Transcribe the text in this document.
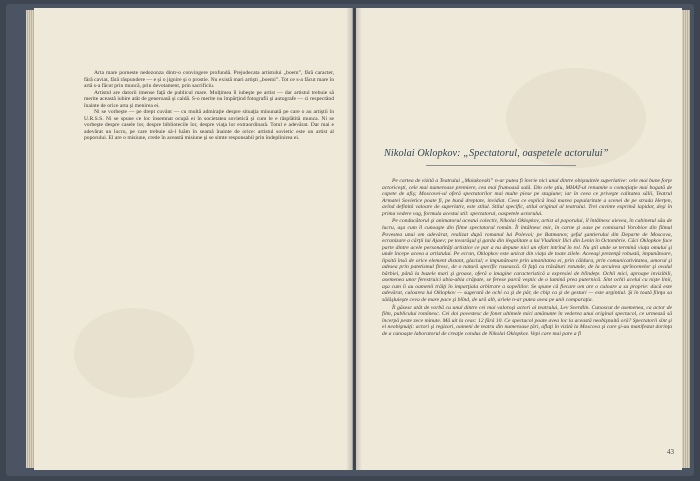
Arta mare porneste nedezonza dintr-o convingere profundă. Prejudecata artistului „boem”, fără caracter, fără caviat, fără răspundere — e şi o jignire şi o prostie. Nu există mari artişti „boemi”. Tot ce s-a făcut mare în artă s-a făcut prin muncă, prin devotament, prin sacrificiu.

Artistul are datorii imense faţă de publicul mare. Mulţimea îl iubeşte pe artist — dar artistul trebuie să merite această iubire atât de generoasă şi caldă. S-o merite nu împărţind fotografii şi autografe — ci respectând înainte de orice arta şi menirea ei.

Ni se vorbeşte — pe drept cuvânt — cu multă admiraţie despre situaţia minunată pe care o au artiştii în U.R.S.S. Ni se spune ce loc însemnat ocupă ei în societatea sovietică şi cum le e răsplătită munca. Ni se vorbeşte despre casele lor, despre bibliotecile lor, despre viaţa lor extraordinară. Totul e adevărat. Dar mai e adevărat un lucru, pe care trebuie să-l luăm în seamă înainte de orice: artistul sovietic este un artist al poporului. El are o misiune, crede în această misiune şi se simte responsabil prin îndeplinirea ei.

Nikolai Oklopkov: „Spectatorul, oaspetele actorului”

Pe cartea de vizită a Teatrului „Maiakovski” n-ar putea fi învrie nici unul dintre obişnuitele superlative: cele mai bune forţe actoriceşti, cele mai numeroase premiere, cea mai frumoasă sală. Din cele ştiu, MHAT-ul renumite o comoţiaţie mai bogată de capete de afiş; Moscovei-ul oferă spectatorilor mai multe piese pe stagiune; iar în ceea ce priveşte calitatea sălii, Teatrul Armatei Sovietice poate fi, pe bună dreptate, invidiat. Ceea ce explică însă marea popularitate a scenei de pe strada Herţen, avînd definită valoare de superlativ, este stilul. Stilul specific, stilul original al teatrului. Trei cuvinte exprimă lapidar, deşi în prima vedere vag, formula acestui stil: spectatorul, oaspetele actorului.

Pe conducătorul şi animatorul acestui colectiv, Nikolai Oklopkov, artist al poporului, îl întâlnesc aievea, în cabinetul său de lucru, aşa cum îl cunoaşte din filme spectatorul român. Îl întâlnesc mic, în carne şi oase pe comisarul Vorobiov din filmul Povestea unui om adevărat, realizat după romanul lui Polevoi; pe Batmanov, şeful şantierului din Departe de Moscova, ecranizare a cărţii lui Ajaev; pe tovarăşul şi garda din ilegalitate a lui Vladimir Ilici din Lenin în Octombrie. Căci Oklopkov face parte dintre acele personalităţi artistice ce par a nu depune nici un efort intrînd în rol. Nu ştii unde se termină viaţa omului şi unde începe aceea a artistului. Pe ecran, Oklopkov este unicat din viaţa de toate zilele. Aceeaşi prezenţă robustă, impunătoare, lipsită însă de orice element distant, glacial; e impunătoare prin umanitatea ei, prin căldura, prin comunicativitatea, umorul şi adesea prin patetismul firesc, de o natură specific rusească. O faţă cu trăsături rotunde, de la arcuirea sprîncenelor şi ovalul bărbiei, până la buzele mari şi groase, oferă o imagine caracteristică a expresiei de blîndeţe. Ochii mici, aproape invizibili, asemenea unor ferestruici abia-abia crăpate, se ferese parcă veşnic de o lumină prea puternică. Sint ochii acelui cu nişte linii, aşa cum îi au oamenii trăiţi în imparţiala arbitrare a sopeliilor. Se spune că fiecare om are o culoare a sa proprie: dacă este adevărat, culoarea lui Oklopkov — sugerată de ochi ca şi de păr, de chip ca şi de gesturi — este argintiul. Şi în toată fiinţa sa sălăşluieşte ceva de mare pace şi blînd, de ură alb, ariele n-ar putea avea pe unii comparaţia.

Îl găsesc atât de vorbă cu unul dintre cei mai valoroşi actori ai teatrului, Lev Sverdlin. Cunoscut de asemenea, ca actor de film, publicului romînesc. Cei doi povestesc de fonet ultimele mici amănunte în vederea unui original spectacol, ce urmează să încerpă peste zece minute. Mă uit la ceas: 12 fără 10. Ce spectacol poate avea loc la această neobişnuită oră? Spectatorii sînt şi ei neobişnuiţi: actori şi regizori, oameni de teatru din numeroase ţări, aflaţi în vizită la Moscova şi care şi-au manifestat dorinţa de a cunoaşte laboratorul de creaţie condus de Nikolai Oklopkov. Vepi care mai pare a fi

43
